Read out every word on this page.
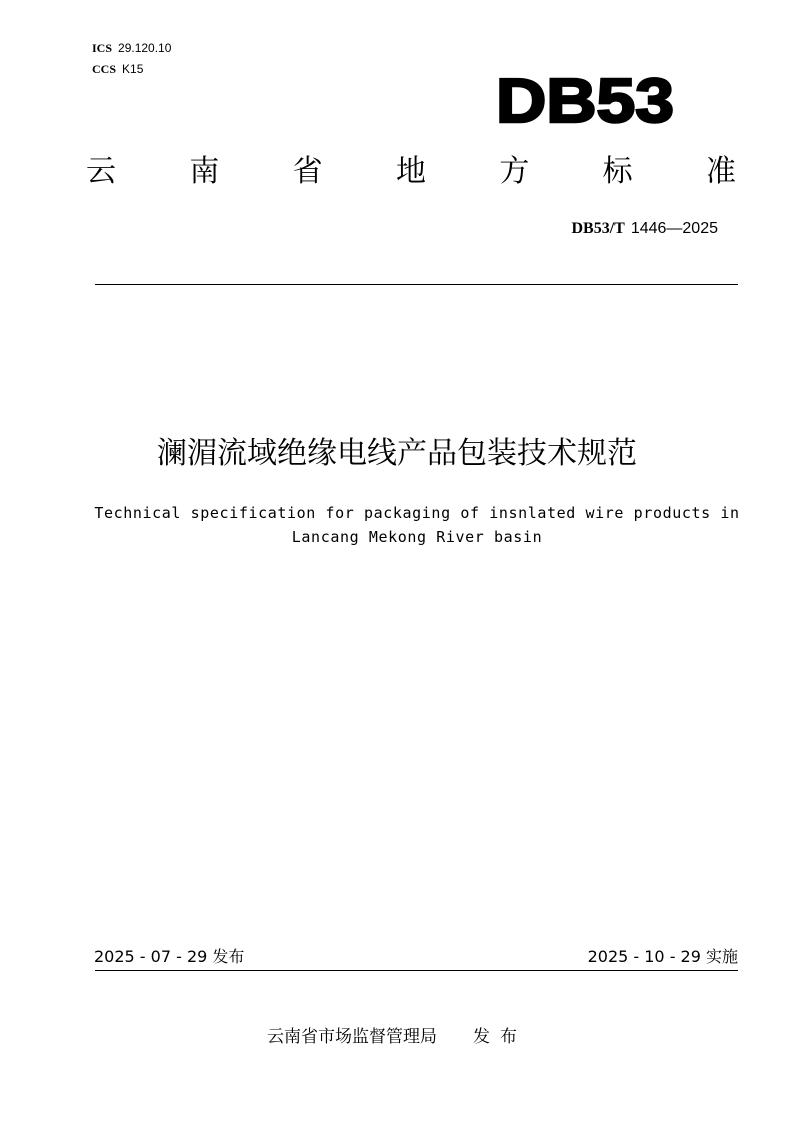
ICS 29.120.10
CCS K15	DB53
云 南 省 地 方 标 准
DB53/T 1446—2025
澜湄流域绝缘电线产品包装技术规范
Technical specification for packaging of insnlated wire products in
Lancang Mekong River basin
2025 - 07 - 29 发布	2025 - 10 - 29 实施
云南省市场监督管理局 发布
